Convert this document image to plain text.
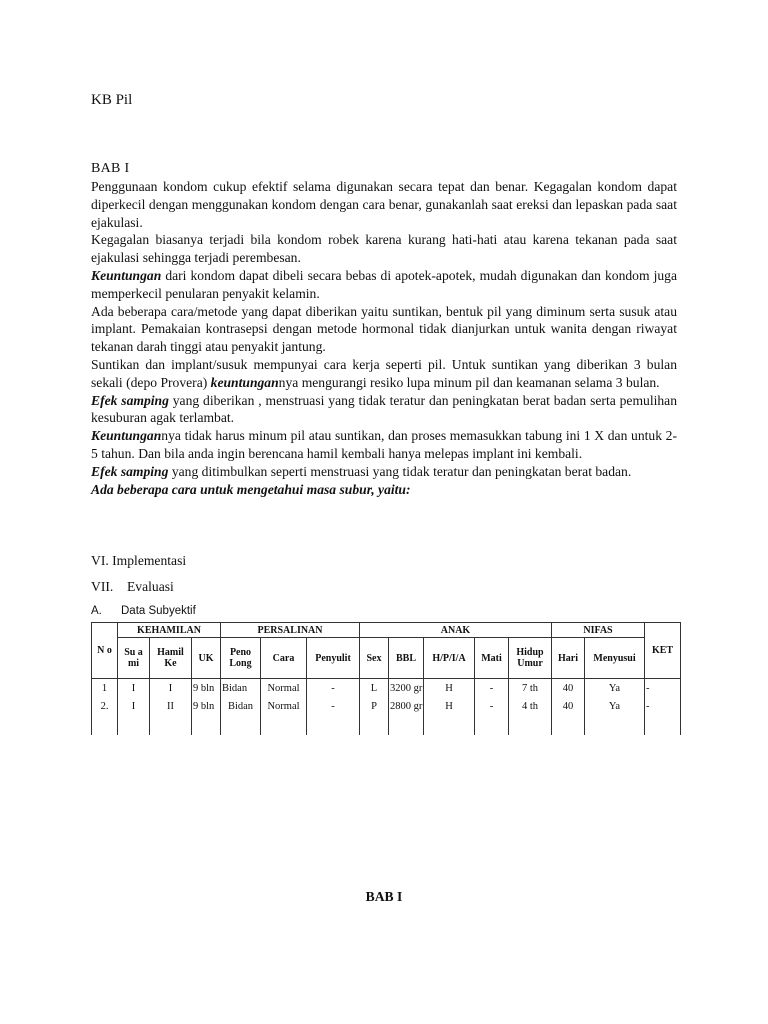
KB Pil
BAB I

Penggunaan kondom cukup efektif selama digunakan secara tepat dan benar. Kegagalan kondom dapat diperkecil dengan menggunakan kondom dengan cara benar, gunakanlah saat ereksi dan lepaskan pada saat ejakulasi.

Kegagalan biasanya terjadi bila kondom robek karena kurang hati-hati atau karena tekanan pada saat ejakulasi sehingga terjadi perembesan.

Keuntungan dari kondom dapat dibeli secara bebas di apotek-apotek, mudah digunakan dan kondom juga memperkecil penularan penyakit kelamin.

Ada beberapa cara/metode yang dapat diberikan yaitu suntikan, bentuk pil yang diminum serta susuk atau implant. Pemakaian kontrasepsi dengan metode hormonal tidak dianjurkan untuk wanita dengan riwayat tekanan darah tinggi atau penyakit jantung.

Suntikan dan implant/susuk mempunyai cara kerja seperti pil. Untuk suntikan yang diberikan 3 bulan sekali (depo Provera) keuntungannya mengurangi resiko lupa minum pil dan keamanan selama 3 bulan.

Efek samping yang diberikan , menstruasi yang tidak teratur dan peningkatan berat badan serta pemulihan kesuburan agak terlambat.

Keuntungannya tidak harus minum pil atau suntikan, dan proses memasukkan tabung ini 1 X dan untuk 2-5 tahun. Dan bila anda ingin berencana hamil kembali hanya melepas implant ini kembali.

Efek samping yang ditimbulkan seperti menstruasi yang tidak teratur dan peningkatan berat badan.

Ada beberapa cara untuk mengetahui masa subur, yaitu:

VI. Implementasi
VII. Evaluasi
A. Data Subyektif
N o	KEHAMILAN			PERSALINAN			ANAK					NIFAS		KET
	Su a mi	Hamil Ke	UK	Peno Long	Cara	Penyulit	Sex	BBL	H/P/I/A	Mati	Hidup Umur	Hari	Menyusui	
1	I	I	9 bln	Bidan	Normal	-	L	3200 gr	H	-	7 th	40	Ya	-
2.	I	II	9 bln	Bidan	Normal	-	P	2800 gr	H	-	4 th	40	Ya	-

BAB I
